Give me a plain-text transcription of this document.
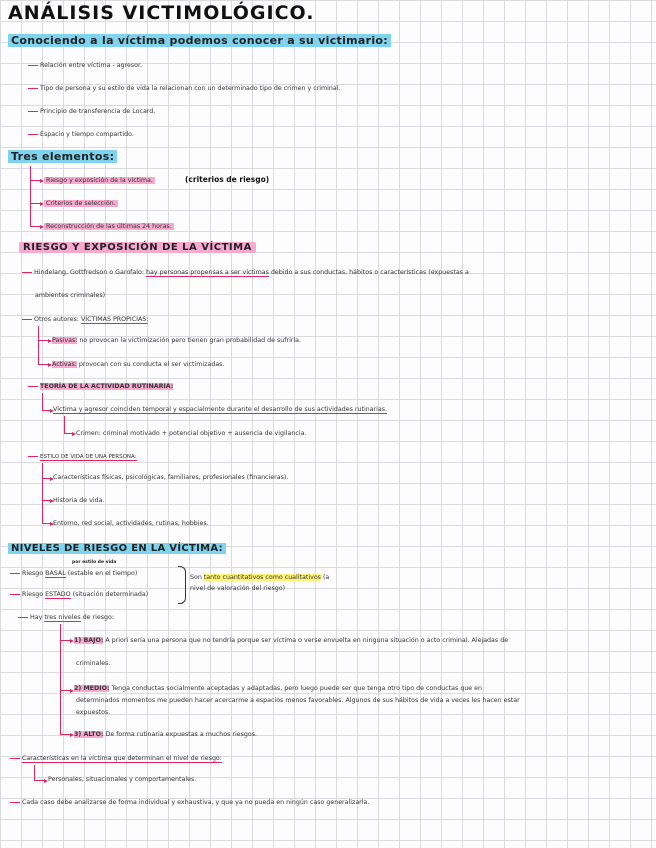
ANÁLISIS VICTIMOLÓGICO.
Conociendo a la víctima podemos conocer a su victimario:
Relación entre víctima - agresor.
Tipo de persona y su estilo de vida la relacionan con un determinado tipo de crimen y criminal.
Principio de transferencia de Locard.
Espacio y tiempo compartido.
Tres elementos:
Riesgo y exposición de la víctima.	(criterios de riesgo)
Criterios de selección.
Reconstrucción de las últimas 24 horas.
RIESGO Y EXPOSICIÓN DE LA VÍCTIMA
Hindelang, Gottfredson o Garofalo: hay personas propensas a ser víctimas debido a sus conductas, hábitos o características (expuestas a
ambientes criminales)
Otros autores: VÍCTIMAS PROPICIAS:
Pasivas: no provocan la victimización pero tienen gran probabilidad de sufrirla.
Activas: provocan con su conducta el ser victimizadas.
TEORÍA DE LA ACTIVIDAD RUTINARIA:
Víctima y agresor coinciden temporal y espacialmente durante el desarrollo de sus actividades rutinarias.
Crimen: criminal motivado + potencial objetivo + ausencia de vigilancia.
ESTILO DE VIDA DE UNA PERSONA:
Características físicas, psicológicas, familiares, profesionales (financieras).
Historia de vida.
Entorno, red social, actividades, rutinas, hobbies.
NIVELES DE RIESGO EN LA VÍCTIMA:
por estilo de vida
Riesgo BASAL (estable en el tiempo)
Riesgo ESTADO (situación determinada)
Son tanto cuantitativos como cualitativos (a
nivel de valoración del riesgo)
Hay tres niveles de riesgo:
1) BAJO: A priori sería una persona que no tendría porque ser víctima o verse envuelta en ninguna situación o acto criminal. Alejadas de
criminales.
2) MEDIO: Tenga conductas socialmente aceptadas y adaptadas, pero luego puede ser que tenga otro tipo de conductas que en
determinados momentos me pueden hacer acercarme a espacios menos favorables. Algunos de sus hábitos de vida a veces les hacen estar
expuestos.
3) ALTO: De forma rutinaria expuestas a muchos riesgos.
Características en la víctima que determinan el nivel de riesgo:
Personales, situacionales y comportamentales.
Cada caso debe analizarse de forma individual y exhaustiva, y que ya no pueda en ningún caso generalizarla.
